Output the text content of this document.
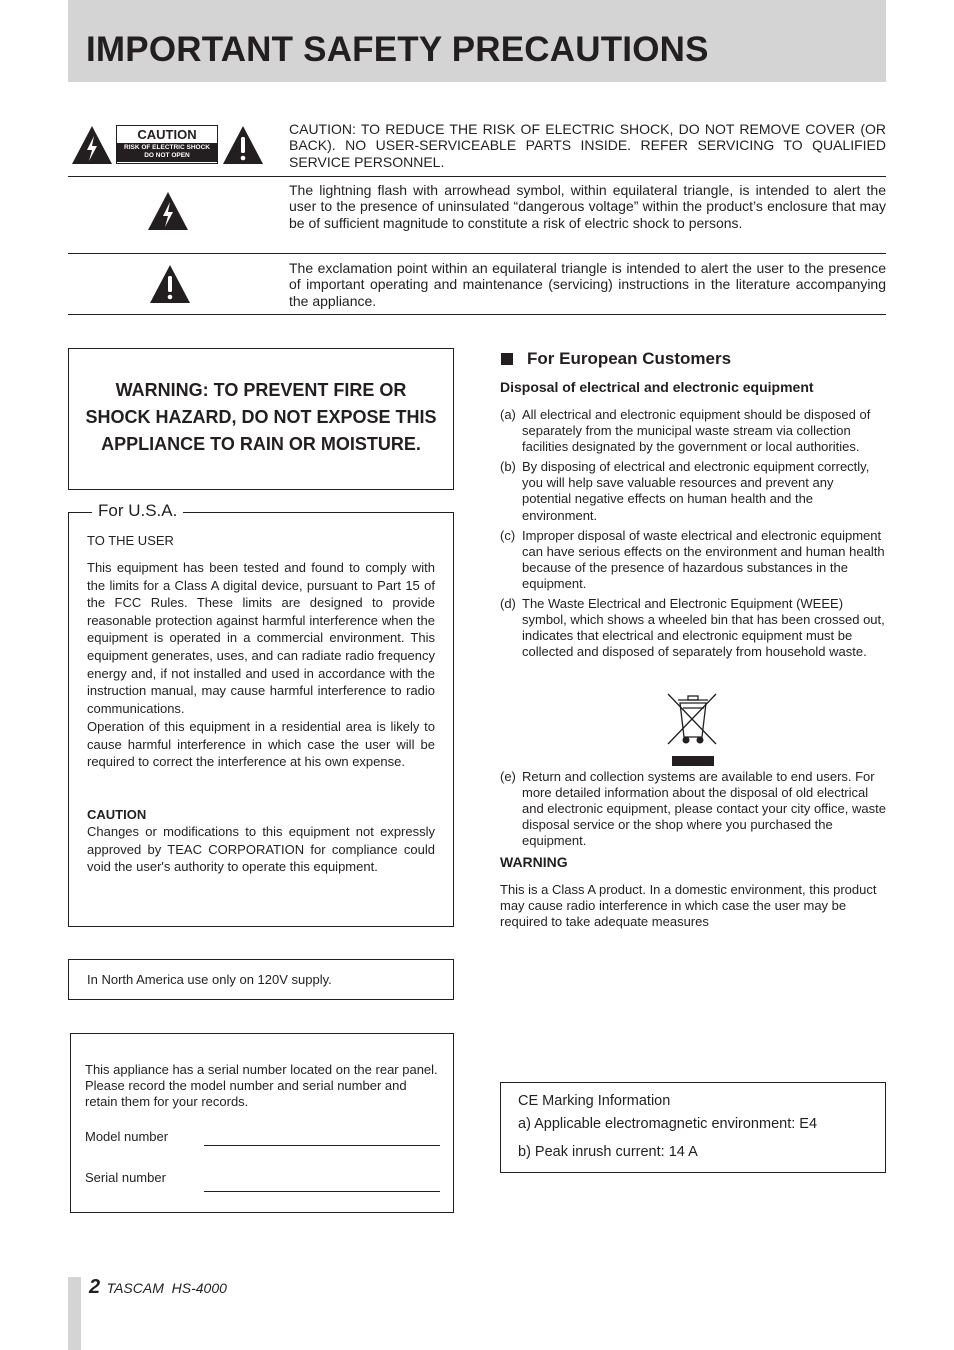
IMPORTANT SAFETY PRECAUTIONS
CAUTION
RISK OF ELECTRIC SHOCK
DO NOT OPEN
CAUTION: TO REDUCE THE RISK OF ELECTRIC SHOCK, DO NOT REMOVE COVER (OR BACK). NO USER-SERVICEABLE PARTS INSIDE. REFER SERVICING TO QUALIFIED SERVICE PERSONNEL.
The lightning flash with arrowhead symbol, within equilateral triangle, is intended to alert the user to the presence of uninsulated “dangerous voltage” within the product’s enclosure that may be of sufficient magnitude to constitute a risk of electric shock to persons.
The exclamation point within an equilateral triangle is intended to alert the user to the presence of important operating and maintenance (servicing) instructions in the literature accompanying the appliance.
WARNING: TO PREVENT FIRE OR
SHOCK HAZARD, DO NOT EXPOSE THIS
APPLIANCE TO RAIN OR MOISTURE.
TO THE USER
This equipment has been tested and found to comply with the limits for a Class A digital device, pursuant to Part 15 of the FCC Rules. These limits are designed to provide reasonable protection against harmful interference when the equipment is operated in a commercial environment. This equipment generates, uses, and can radiate radio frequency energy and, if not installed and used in accordance with the instruction manual, may cause harmful interference to radio communications.
Operation of this equipment in a residential area is likely to cause harmful interference in which case the user will be required to correct the interference at his own expense.
CAUTION
Changes or modifications to this equipment not expressly approved by TEAC CORPORATION for compliance could void the user's authority to operate this equipment.
For U.S.A.
In North America use only on 120V supply.
This appliance has a serial number located on the rear panel. Please record the model number and serial number and retain them for your records.
Model number
Serial number
For European Customers
Disposal of electrical and electronic equipment
(a) All electrical and electronic equipment should be disposed of separately from the municipal waste stream via collection facilities designated by the government or local authorities.
(b) By disposing of electrical and electronic equipment correctly, you will help save valuable resources and prevent any potential negative effects on human health and the environment.
(c) Improper disposal of waste electrical and electronic equipment can have serious effects on the environment and human health because of the presence of hazardous substances in the equipment.
(d) The Waste Electrical and Electronic Equipment (WEEE) symbol, which shows a wheeled bin that has been crossed out, indicates that electrical and electronic equipment must be collected and disposed of separately from household waste.
(e) Return and collection systems are available to end users. For more detailed information about the disposal of old electrical and electronic equipment, please contact your city office, waste disposal service or the shop where you purchased the equipment.
WARNING
This is a Class A product. In a domestic environment, this product may cause radio interference in which case the user may be required to take adequate measures
CE Marking Information
a) Applicable electromagnetic environment: E4
b) Peak inrush current: 14 A
2 TASCAM  HS-4000
